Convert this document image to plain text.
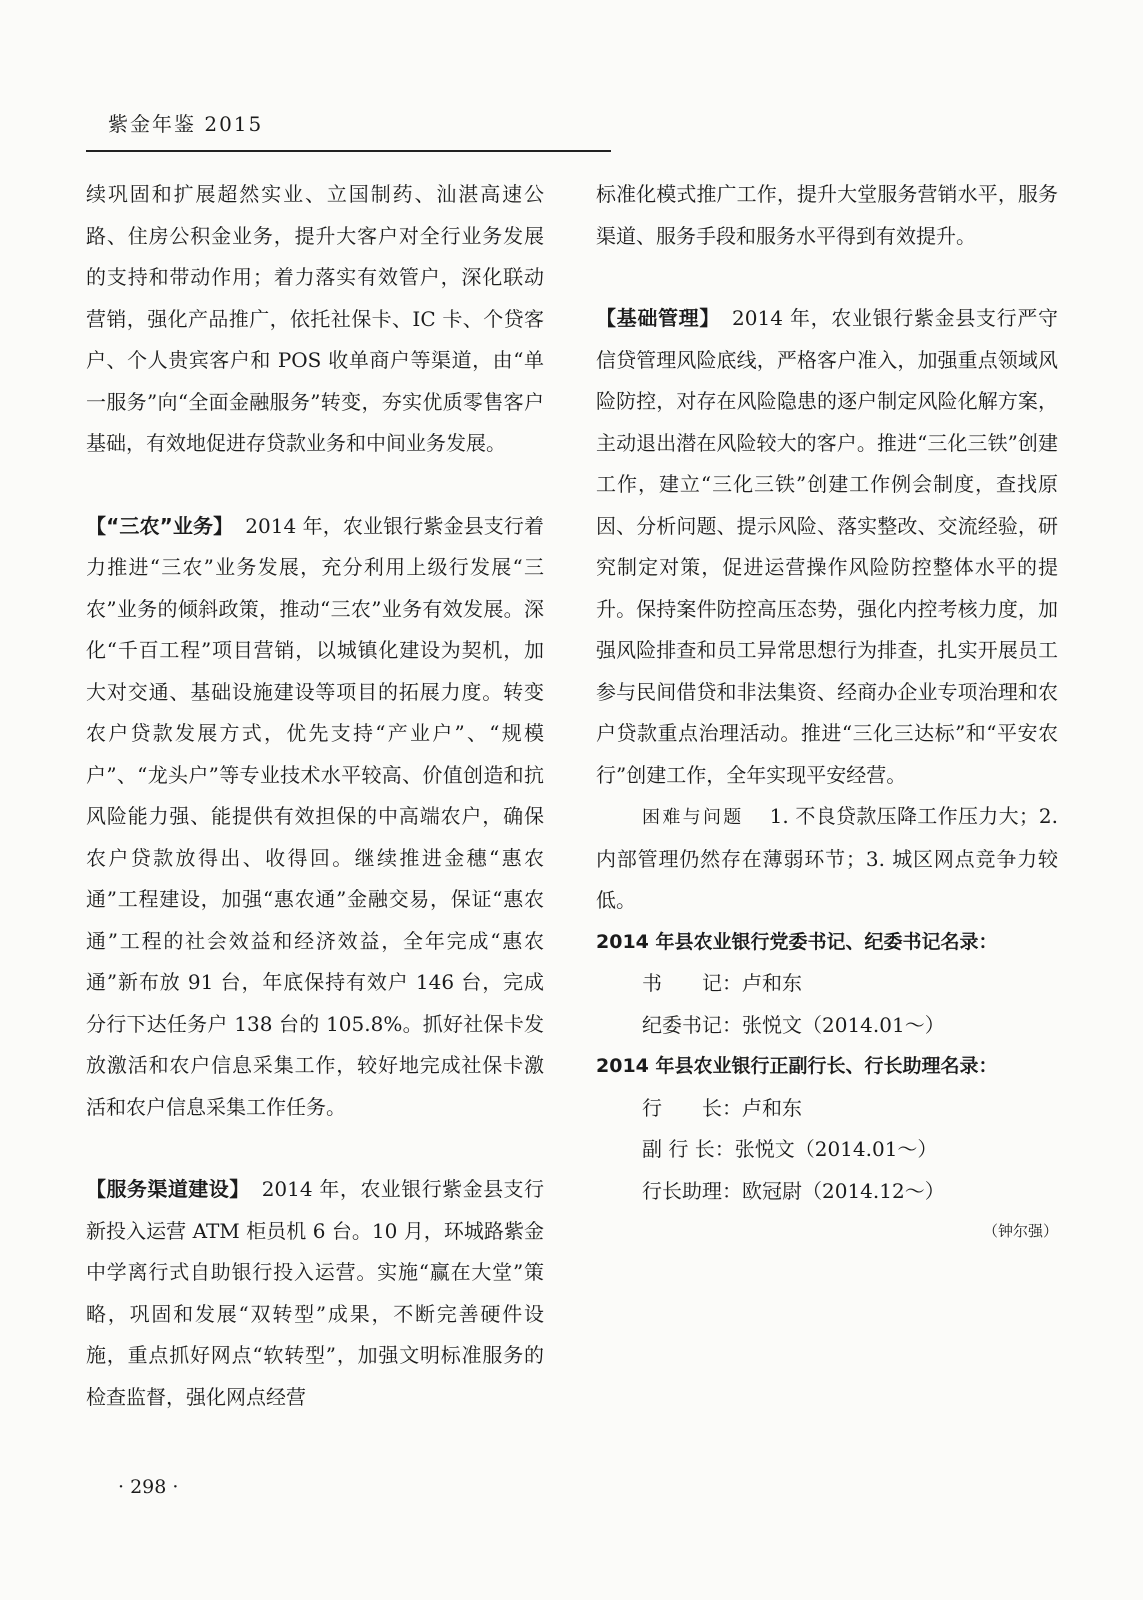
紫金年鉴 2015

续巩固和扩展超然实业、立国制药、汕湛高速公路、住房公积金业务，提升大客户对全行业务发展的支持和带动作用；着力落实有效管户，深化联动营销，强化产品推广，依托社保卡、IC 卡、个贷客户、个人贵宾客户和 POS 收单商户等渠道，由“单一服务”向“全面金融服务”转变，夯实优质零售客户基础，有效地促进存贷款业务和中间业务发展。

【“三农”业务】 2014 年，农业银行紫金县支行着力推进“三农”业务发展，充分利用上级行发展“三农”业务的倾斜政策，推动“三农”业务有效发展。深化“千百工程”项目营销，以城镇化建设为契机，加大对交通、基础设施建设等项目的拓展力度。转变农户贷款发展方式，优先支持“产业户”、“规模户”、“龙头户”等专业技术水平较高、价值创造和抗风险能力强、能提供有效担保的中高端农户，确保农户贷款放得出、收得回。继续推进金穗“惠农通”工程建设，加强“惠农通”金融交易，保证“惠农通”工程的社会效益和经济效益，全年完成“惠农通”新布放 91 台，年底保持有效户 146 台，完成分行下达任务户 138 台的 105.8%。抓好社保卡发放激活和农户信息采集工作，较好地完成社保卡激活和农户信息采集工作任务。

【服务渠道建设】 2014 年，农业银行紫金县支行新投入运营 ATM 柜员机 6 台。10 月，环城路紫金中学离行式自助银行投入运营。实施“赢在大堂”策略，巩固和发展“双转型”成果，不断完善硬件设施，重点抓好网点“软转型”，加强文明标准服务的检查监督，强化网点经营

标准化模式推广工作，提升大堂服务营销水平，服务渠道、服务手段和服务水平得到有效提升。

【基础管理】 2014 年，农业银行紫金县支行严守信贷管理风险底线，严格客户准入，加强重点领域风险防控，对存在风险隐患的逐户制定风险化解方案，主动退出潜在风险较大的客户。推进“三化三铁”创建工作，建立“三化三铁”创建工作例会制度，查找原因、分析问题、提示风险、落实整改、交流经验，研究制定对策，促进运营操作风险防控整体水平的提升。保持案件防控高压态势，强化内控考核力度，加强风险排查和员工异常思想行为排查，扎实开展员工参与民间借贷和非法集资、经商办企业专项治理和农户贷款重点治理活动。推进“三化三达标”和“平安农行”创建工作，全年实现平安经营。

困难与问题 1. 不良贷款压降工作压力大；2. 内部管理仍然存在薄弱环节；3. 城区网点竞争力较低。

2014 年县农业银行党委书记、纪委书记名录：

书　　记：卢和东

纪委书记：张悦文（2014.01～）

2014 年县农业银行正副行长、行长助理名录：

行　　长：卢和东

副 行 长：张悦文（2014.01～）

行长助理：欧冠尉（2014.12～）

（钟尔强）

· 298 ·
